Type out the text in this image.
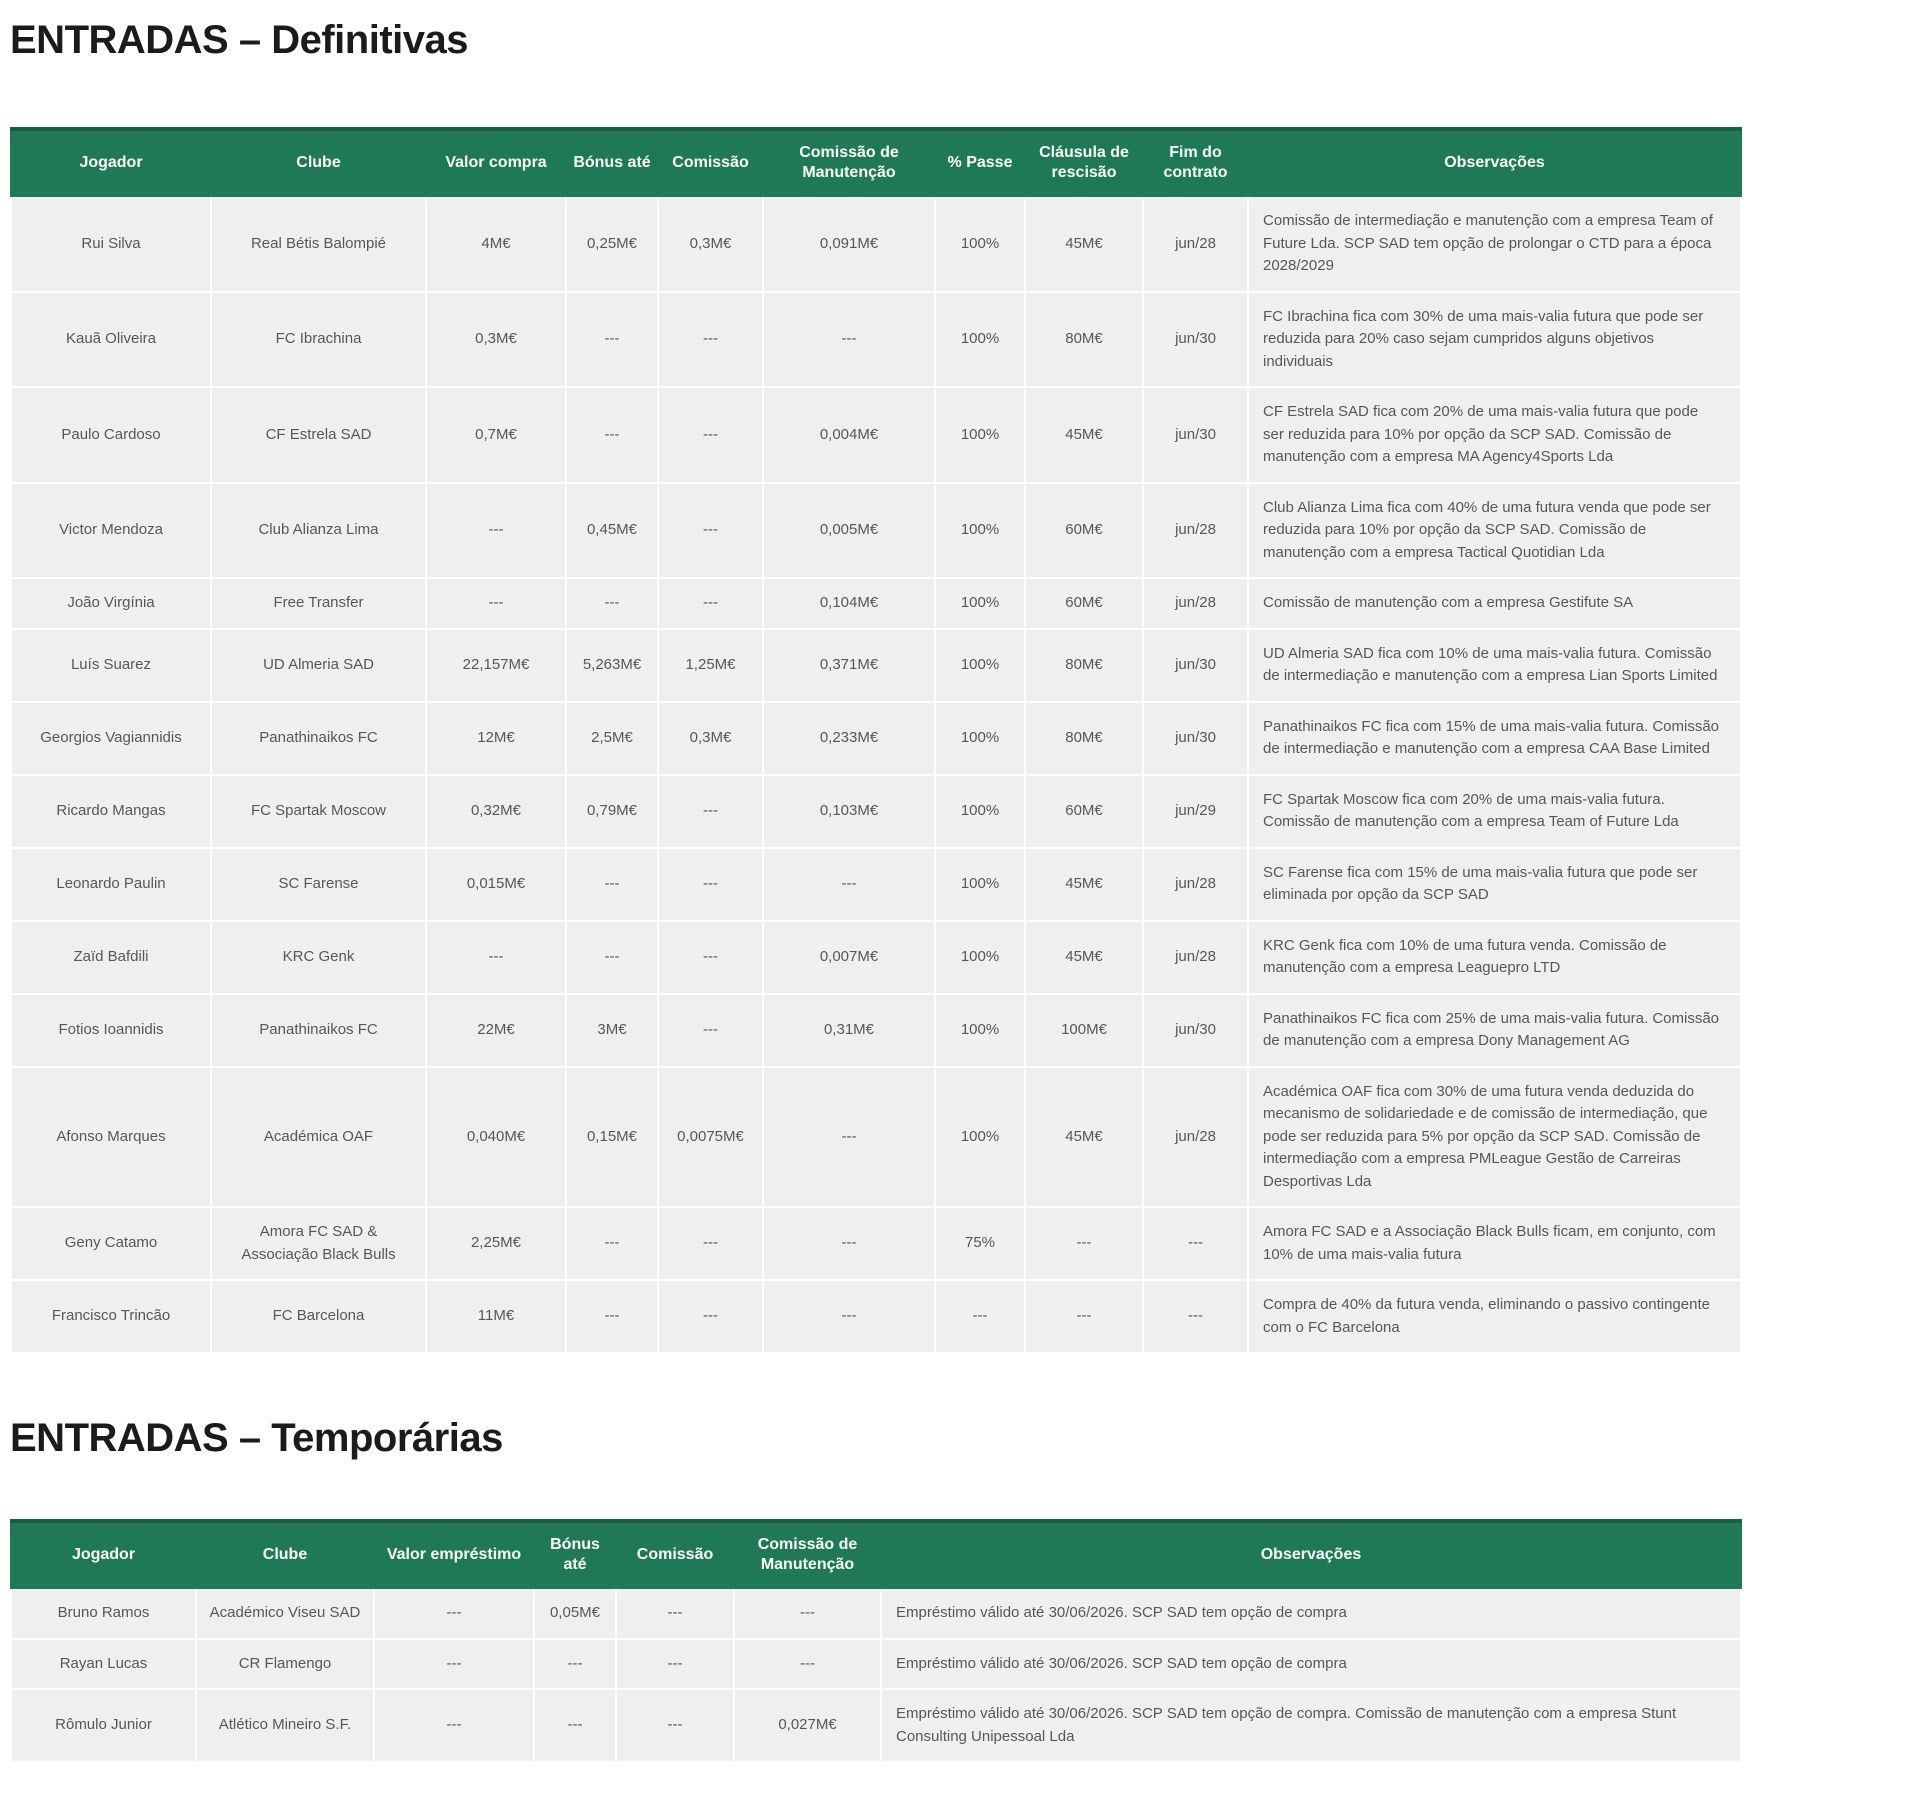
ENTRADAS – Definitivas
Jogador	Clube	Valor compra	Bónus até	Comissão	Comissão de Manutenção	% Passe	Cláusula de rescisão	Fim do contrato	Observações
Rui Silva	Real Bétis Balompié	4M€	0,25M€	0,3M€	0,091M€	100%	45M€	jun/28	Comissão de intermediação e manutenção com a empresa Team of Future Lda. SCP SAD tem opção de prolongar o CTD para a época 2028/2029
Kauã Oliveira	FC Ibrachina	0,3M€	---	---	---	100%	80M€	jun/30	FC Ibrachina fica com 30% de uma mais-valia futura que pode ser reduzida para 20% caso sejam cumpridos alguns objetivos individuais
Paulo Cardoso	CF Estrela SAD	0,7M€	---	---	0,004M€	100%	45M€	jun/30	CF Estrela SAD fica com 20% de uma mais-valia futura que pode ser reduzida para 10% por opção da SCP SAD. Comissão de manutenção com a empresa MA Agency4Sports Lda
Victor Mendoza	Club Alianza Lima	---	0,45M€	---	0,005M€	100%	60M€	jun/28	Club Alianza Lima fica com 40% de uma futura venda que pode ser reduzida para 10% por opção da SCP SAD. Comissão de manutenção com a empresa Tactical Quotidian Lda
João Virgínia	Free Transfer	---	---	---	0,104M€	100%	60M€	jun/28	Comissão de manutenção com a empresa Gestifute SA
Luís Suarez	UD Almeria SAD	22,157M€	5,263M€	1,25M€	0,371M€	100%	80M€	jun/30	UD Almeria SAD fica com 10% de uma mais-valia futura. Comissão de intermediação e manutenção com a empresa Lian Sports Limited
Georgios Vagiannidis	Panathinaikos FC	12M€	2,5M€	0,3M€	0,233M€	100%	80M€	jun/30	Panathinaikos FC fica com 15% de uma mais-valia futura. Comissão de intermediação e manutenção com a empresa CAA Base Limited
Ricardo Mangas	FC Spartak Moscow	0,32M€	0,79M€	---	0,103M€	100%	60M€	jun/29	FC Spartak Moscow fica com 20% de uma mais-valia futura. Comissão de manutenção com a empresa Team of Future Lda
Leonardo Paulin	SC Farense	0,015M€	---	---	---	100%	45M€	jun/28	SC Farense fica com 15% de uma mais-valia futura que pode ser eliminada por opção da SCP SAD
Zaïd Bafdili	KRC Genk	---	---	---	0,007M€	100%	45M€	jun/28	KRC Genk fica com 10% de uma futura venda. Comissão de manutenção com a empresa Leaguepro LTD
Fotios Ioannidis	Panathinaikos FC	22M€	3M€	---	0,31M€	100%	100M€	jun/30	Panathinaikos FC fica com 25% de uma mais-valia futura. Comissão de manutenção com a empresa Dony Management AG
Afonso Marques	Académica OAF	0,040M€	0,15M€	0,0075M€	---	100%	45M€	jun/28	Académica OAF fica com 30% de uma futura venda deduzida do mecanismo de solidariedade e de comissão de intermediação, que pode ser reduzida para 5% por opção da SCP SAD. Comissão de intermediação com a empresa PMLeague Gestão de Carreiras Desportivas Lda
Geny Catamo	Amora FC SAD & Associação Black Bulls	2,25M€	---	---	---	75%	---	---	Amora FC SAD e a Associação Black Bulls ficam, em conjunto, com 10% de uma mais-valia futura
Francisco Trincão	FC Barcelona	11M€	---	---	---	---	---	---	Compra de 40% da futura venda, eliminando o passivo contingente com o FC Barcelona
ENTRADAS – Temporárias
Jogador	Clube	Valor empréstimo	Bónus até	Comissão	Comissão de Manutenção	Observações
Bruno Ramos	Académico Viseu SAD	---	0,05M€	---	---	Empréstimo válido até 30/06/2026. SCP SAD tem opção de compra
Rayan Lucas	CR Flamengo	---	---	---	---	Empréstimo válido até 30/06/2026. SCP SAD tem opção de compra
Rômulo Junior	Atlético Mineiro S.F.	---	---	---	0,027M€	Empréstimo válido até 30/06/2026. SCP SAD tem opção de compra. Comissão de manutenção com a empresa Stunt Consulting Unipessoal Lda
